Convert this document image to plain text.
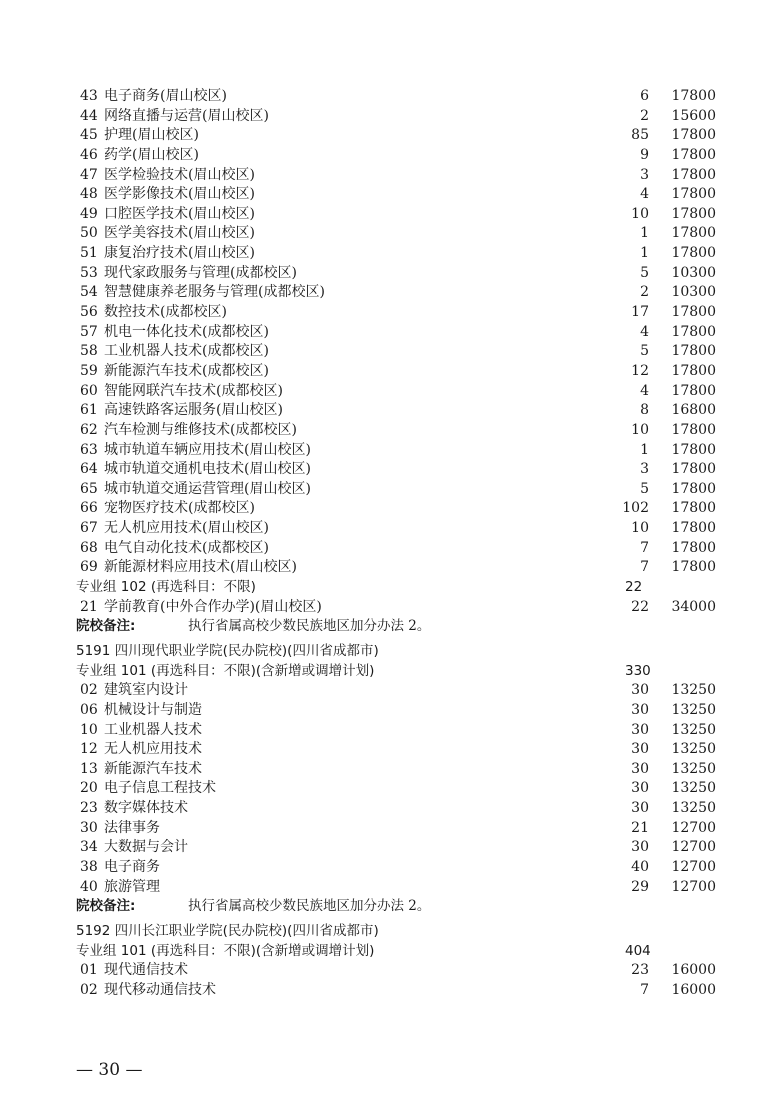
43 电子商务(眉山校区)	6 17800
44 网络直播与运营(眉山校区)	2 15600
45 护理(眉山校区)	85 17800
46 药学(眉山校区)	9 17800
47 医学检验技术(眉山校区)	3 17800
48 医学影像技术(眉山校区)	4 17800
49 口腔医学技术(眉山校区)	10 17800
50 医学美容技术(眉山校区)	1 17800
51 康复治疗技术(眉山校区)	1 17800
53 现代家政服务与管理(成都校区)	5 10300
54 智慧健康养老服务与管理(成都校区)	2 10300
56 数控技术(成都校区)	17 17800
57 机电一体化技术(成都校区)	4 17800
58 工业机器人技术(成都校区)	5 17800
59 新能源汽车技术(成都校区)	12 17800
60 智能网联汽车技术(成都校区)	4 17800
61 高速铁路客运服务(眉山校区)	8 16800
62 汽车检测与维修技术(成都校区)	10 17800
63 城市轨道车辆应用技术(眉山校区)	1 17800
64 城市轨道交通机电技术(眉山校区)	3 17800
65 城市轨道交通运营管理(眉山校区)	5 17800
66 宠物医疗技术(成都校区)	102 17800
67 无人机应用技术(眉山校区)	10 17800
68 电气自动化技术(成都校区)	7 17800
69 新能源材料应用技术(眉山校区)	7 17800
专业组 102 (再选科目：不限)	22
21 学前教育(中外合作办学)(眉山校区)	22 34000
院校备注:	执行省属高校少数民族地区加分办法 2。
5191 四川现代职业学院(民办院校)(四川省成都市)
专业组 101 (再选科目：不限)(含新增或调增计划)	330
02 建筑室内设计	30 13250
06 机械设计与制造	30 13250
10 工业机器人技术	30 13250
12 无人机应用技术	30 13250
13 新能源汽车技术	30 13250
20 电子信息工程技术	30 13250
23 数字媒体技术	30 13250
30 法律事务	21 12700
34 大数据与会计	30 12700
38 电子商务	40 12700
40 旅游管理	29 12700
院校备注:	执行省属高校少数民族地区加分办法 2。
5192 四川长江职业学院(民办院校)(四川省成都市)
专业组 101 (再选科目：不限)(含新增或调增计划)	404
01 现代通信技术	23 16000
02 现代移动通信技术	7 16000
— 30 —
